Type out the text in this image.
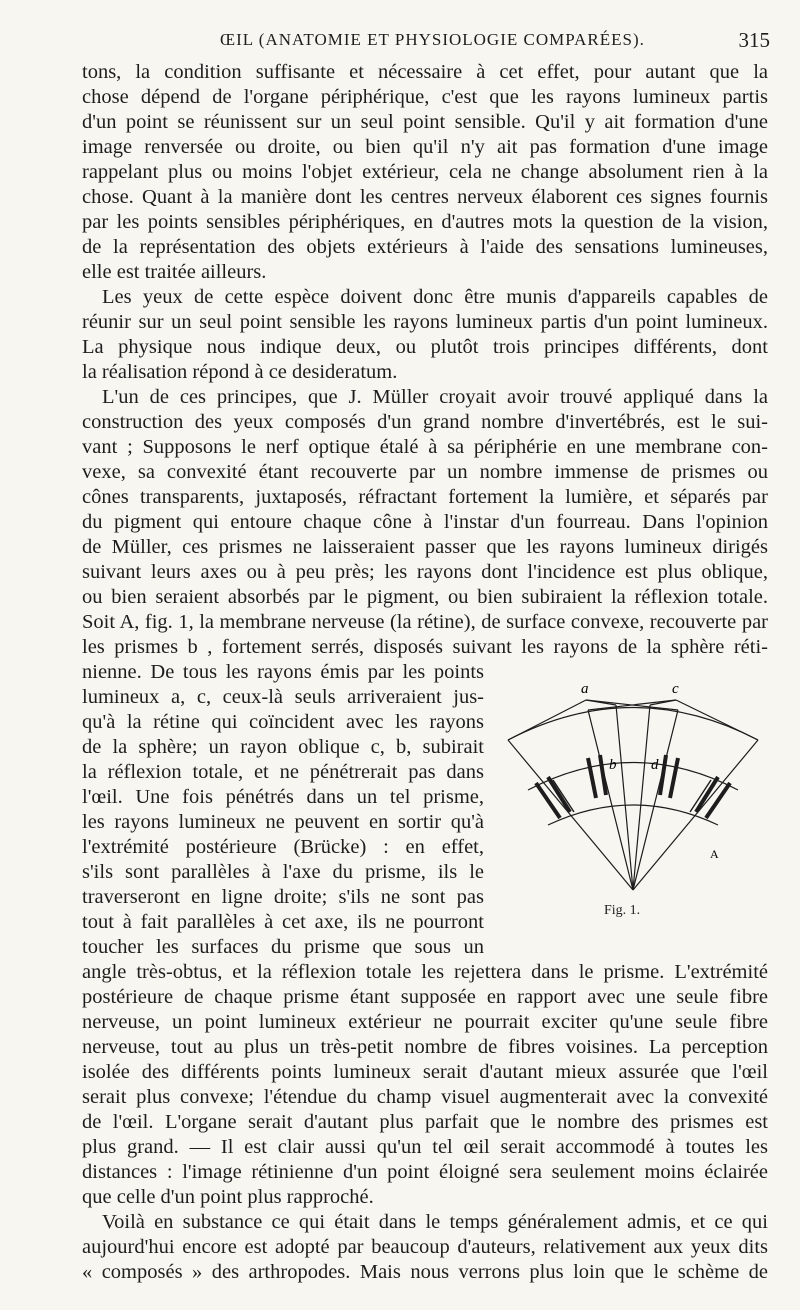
ŒIL (ANATOMIE ET PHYSIOLOGIE COMPARÉES).	315
tons, la condition suffisante et nécessaire à cet effet, pour autant que la
chose dépend de l'organe périphérique, c'est que les rayons lumineux partis
d'un point se réunissent sur un seul point sensible. Qu'il y ait formation d'une
image renversée ou droite, ou bien qu'il n'y ait pas formation d'une image
rappelant plus ou moins l'objet extérieur, cela ne change absolument rien à la
chose. Quant à la manière dont les centres nerveux élaborent ces signes fournis
par les points sensibles périphériques, en d'autres mots la question de la vision,
de la représentation des objets extérieurs à l'aide des sensations lumineuses,
elle est traitée ailleurs.
Les yeux de cette espèce doivent donc être munis d'appareils capables de
réunir sur un seul point sensible les rayons lumineux partis d'un point lumineux.
La physique nous indique deux, ou plutôt trois principes différents, dont
la réalisation répond à ce desideratum.
L'un de ces principes, que J. Müller croyait avoir trouvé appliqué dans la
construction des yeux composés d'un grand nombre d'invertébrés, est le sui-
vant ; Supposons le nerf optique étalé à sa périphérie en une membrane con-
vexe, sa convexité étant recouverte par un nombre immense de prismes ou
cônes transparents, juxtaposés, réfractant fortement la lumière, et séparés par
du pigment qui entoure chaque cône à l'instar d'un fourreau. Dans l'opinion
de Müller, ces prismes ne laisseraient passer que les rayons lumineux dirigés
suivant leurs axes ou à peu près; les rayons dont l'incidence est plus oblique,
ou bien seraient absorbés par le pigment, ou bien subiraient la réflexion totale.
Soit A, fig. 1, la membrane nerveuse (la rétine), de surface convexe, recouverte par
les prismes b , fortement serrés, disposés suivant les rayons de la sphère réti-
nienne. De tous les rayons émis par les points
lumineux a, c, ceux-là seuls arriveraient jus-
qu'à la rétine qui coïncident avec les rayons
de la sphère; un rayon oblique c, b, subirait
la réflexion totale, et ne pénétrerait pas dans
l'œil. Une fois pénétrés dans un tel prisme,
les rayons lumineux ne peuvent en sortir qu'à
l'extrémité postérieure (Brücke) : en effet,
s'ils sont parallèles à l'axe du prisme, ils le
traverseront en ligne droite; s'ils ne sont pas
tout à fait parallèles à cet axe, ils ne pourront
toucher les surfaces du prisme que sous un
angle très-obtus, et la réflexion totale les rejettera dans le prisme. L'extrémité
postérieure de chaque prisme étant supposée en rapport avec une seule fibre
nerveuse, un point lumineux extérieur ne pourrait exciter qu'une seule fibre
nerveuse, tout au plus un très-petit nombre de fibres voisines. La perception
isolée des différents points lumineux serait d'autant mieux assurée que l'œil
serait plus convexe; l'étendue du champ visuel augmenterait avec la convexité
de l'œil. L'organe serait d'autant plus parfait que le nombre des prismes est
plus grand. — Il est clair aussi qu'un tel œil serait accommodé à toutes les
distances : l'image rétinienne d'un point éloigné sera seulement moins éclairée
que celle d'un point plus rapproché.
Voilà en substance ce qui était dans le temps généralement admis, et ce qui
aujourd'hui encore est adopté par beaucoup d'auteurs, relativement aux yeux dits
« composés » des arthropodes. Mais nous verrons plus loin que le schème de
a	c
b d
A
Fig. 1.
